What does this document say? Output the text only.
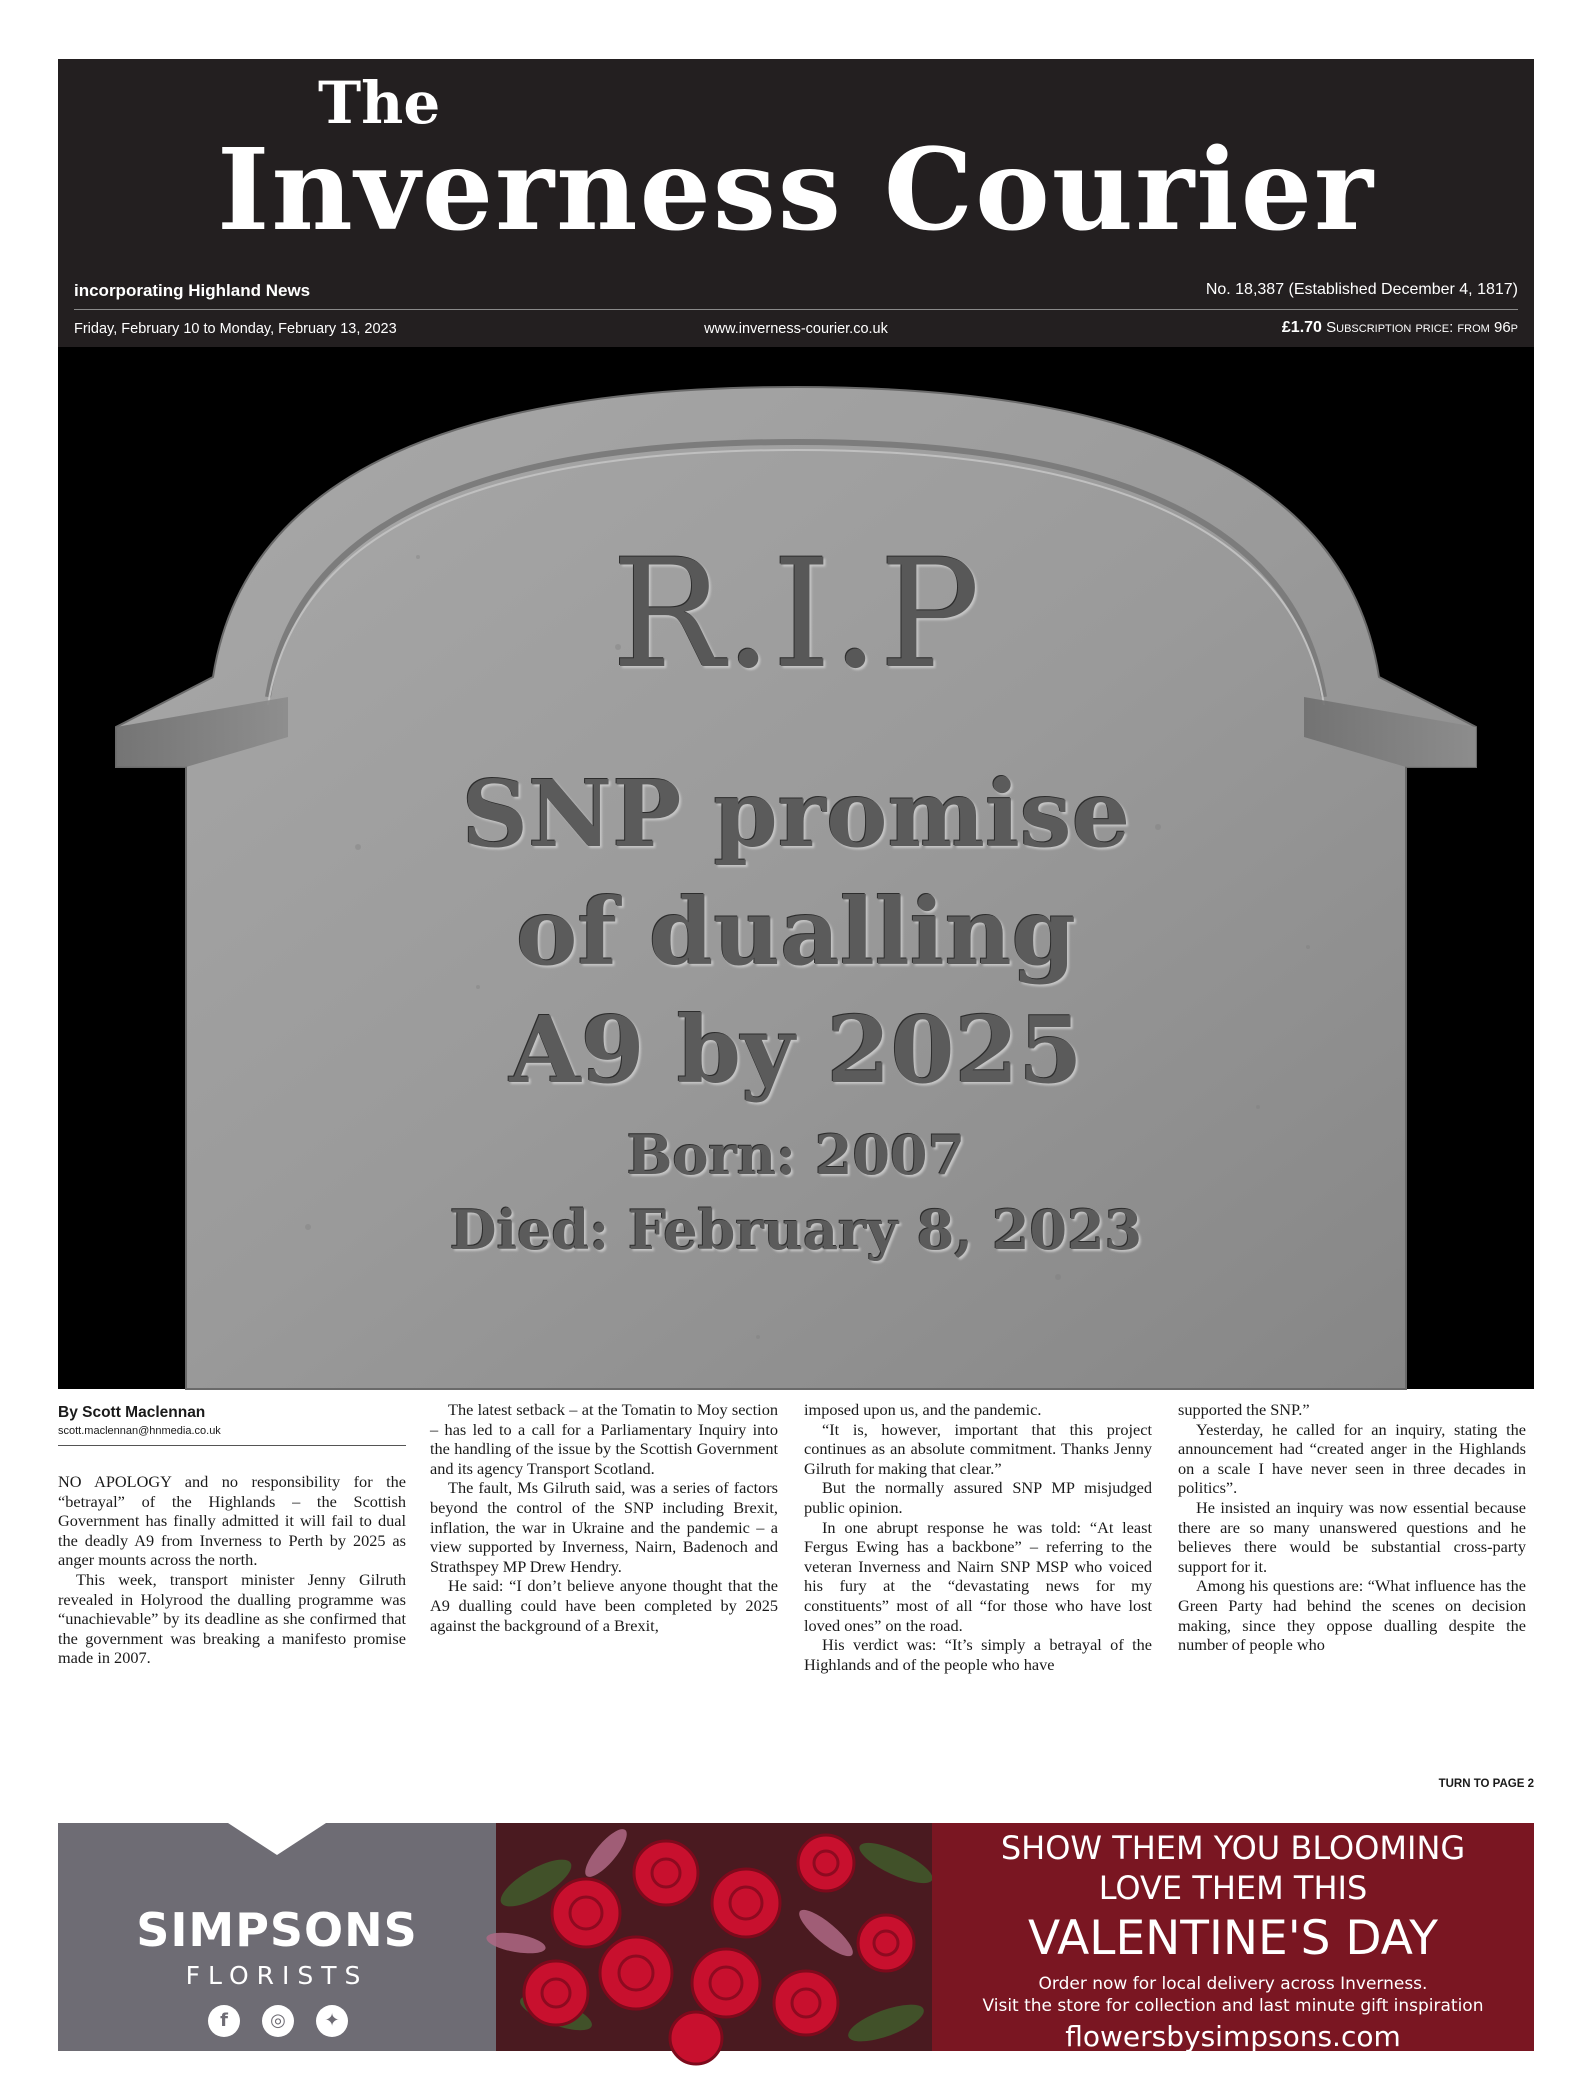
The
Inverness Courier
incorporating Highland News	No. 18,387 (Established December 4, 1817)
Friday, February 10 to Monday, February 13, 2023	www.inverness-courier.co.uk	£1.70 Subscription price: from 96p
R.I.P
SNP promise
of dualling
A9 by 2025
Born: 2007
Died: February 8, 2023
By Scott Maclennan
scott.maclennan@hnmedia.co.uk

NO APOLOGY and no responsibility for the “betrayal” of the Highlands – the Scottish Government has finally admitted it will fail to dual the deadly A9 from Inverness to Perth by 2025 as anger mounts across the north.

This week, transport minister Jenny Gilruth revealed in Holyrood the dualling programme was “unachievable” by its deadline as she confirmed that the government was breaking a manifesto promise made in 2007.

The latest setback – at the Tomatin to Moy section – has led to a call for a Parliamentary Inquiry into the handling of the issue by the Scottish Government and its agency Transport Scotland.

The fault, Ms Gilruth said, was a series of factors beyond the control of the SNP including Brexit, inflation, the war in Ukraine and the pandemic – a view supported by Inverness, Nairn, Badenoch and Strathspey MP Drew Hendry.

He said: “I don’t believe anyone thought that the A9 dualling could have been completed by 2025 against the background of a Brexit,

imposed upon us, and the pandemic.

“It is, however, important that this project continues as an absolute commitment. Thanks Jenny Gilruth for making that clear.”

But the normally assured SNP MP misjudged public opinion.

In one abrupt response he was told: “At least Fergus Ewing has a backbone” – referring to the veteran Inverness and Nairn SNP MSP who voiced his fury at the “devastating news for my constituents” most of all “for those who have lost loved ones” on the road.

His verdict was: “It’s simply a betrayal of the Highlands and of the people who have

supported the SNP.”

Yesterday, he called for an inquiry, stating the announcement had “created anger in the Highlands on a scale I have never seen in three decades in politics”.

He insisted an inquiry was now essential because there are so many unanswered questions and he believes there would be substantial cross-party support for it.

Among his questions are: “What influence has the Green Party had behind the scenes on decision making, since they oppose dualling despite the number of people who

TURN TO PAGE 2
SIMPSONS
FLORISTS
f	◎	✦
SHOW THEM YOU BLOOMING
LOVE THEM THIS
VALENTINE'S DAY
Order now for local delivery across Inverness.
Visit the store for collection and last minute gift inspiration
flowersbysimpsons.com
01463 250777
